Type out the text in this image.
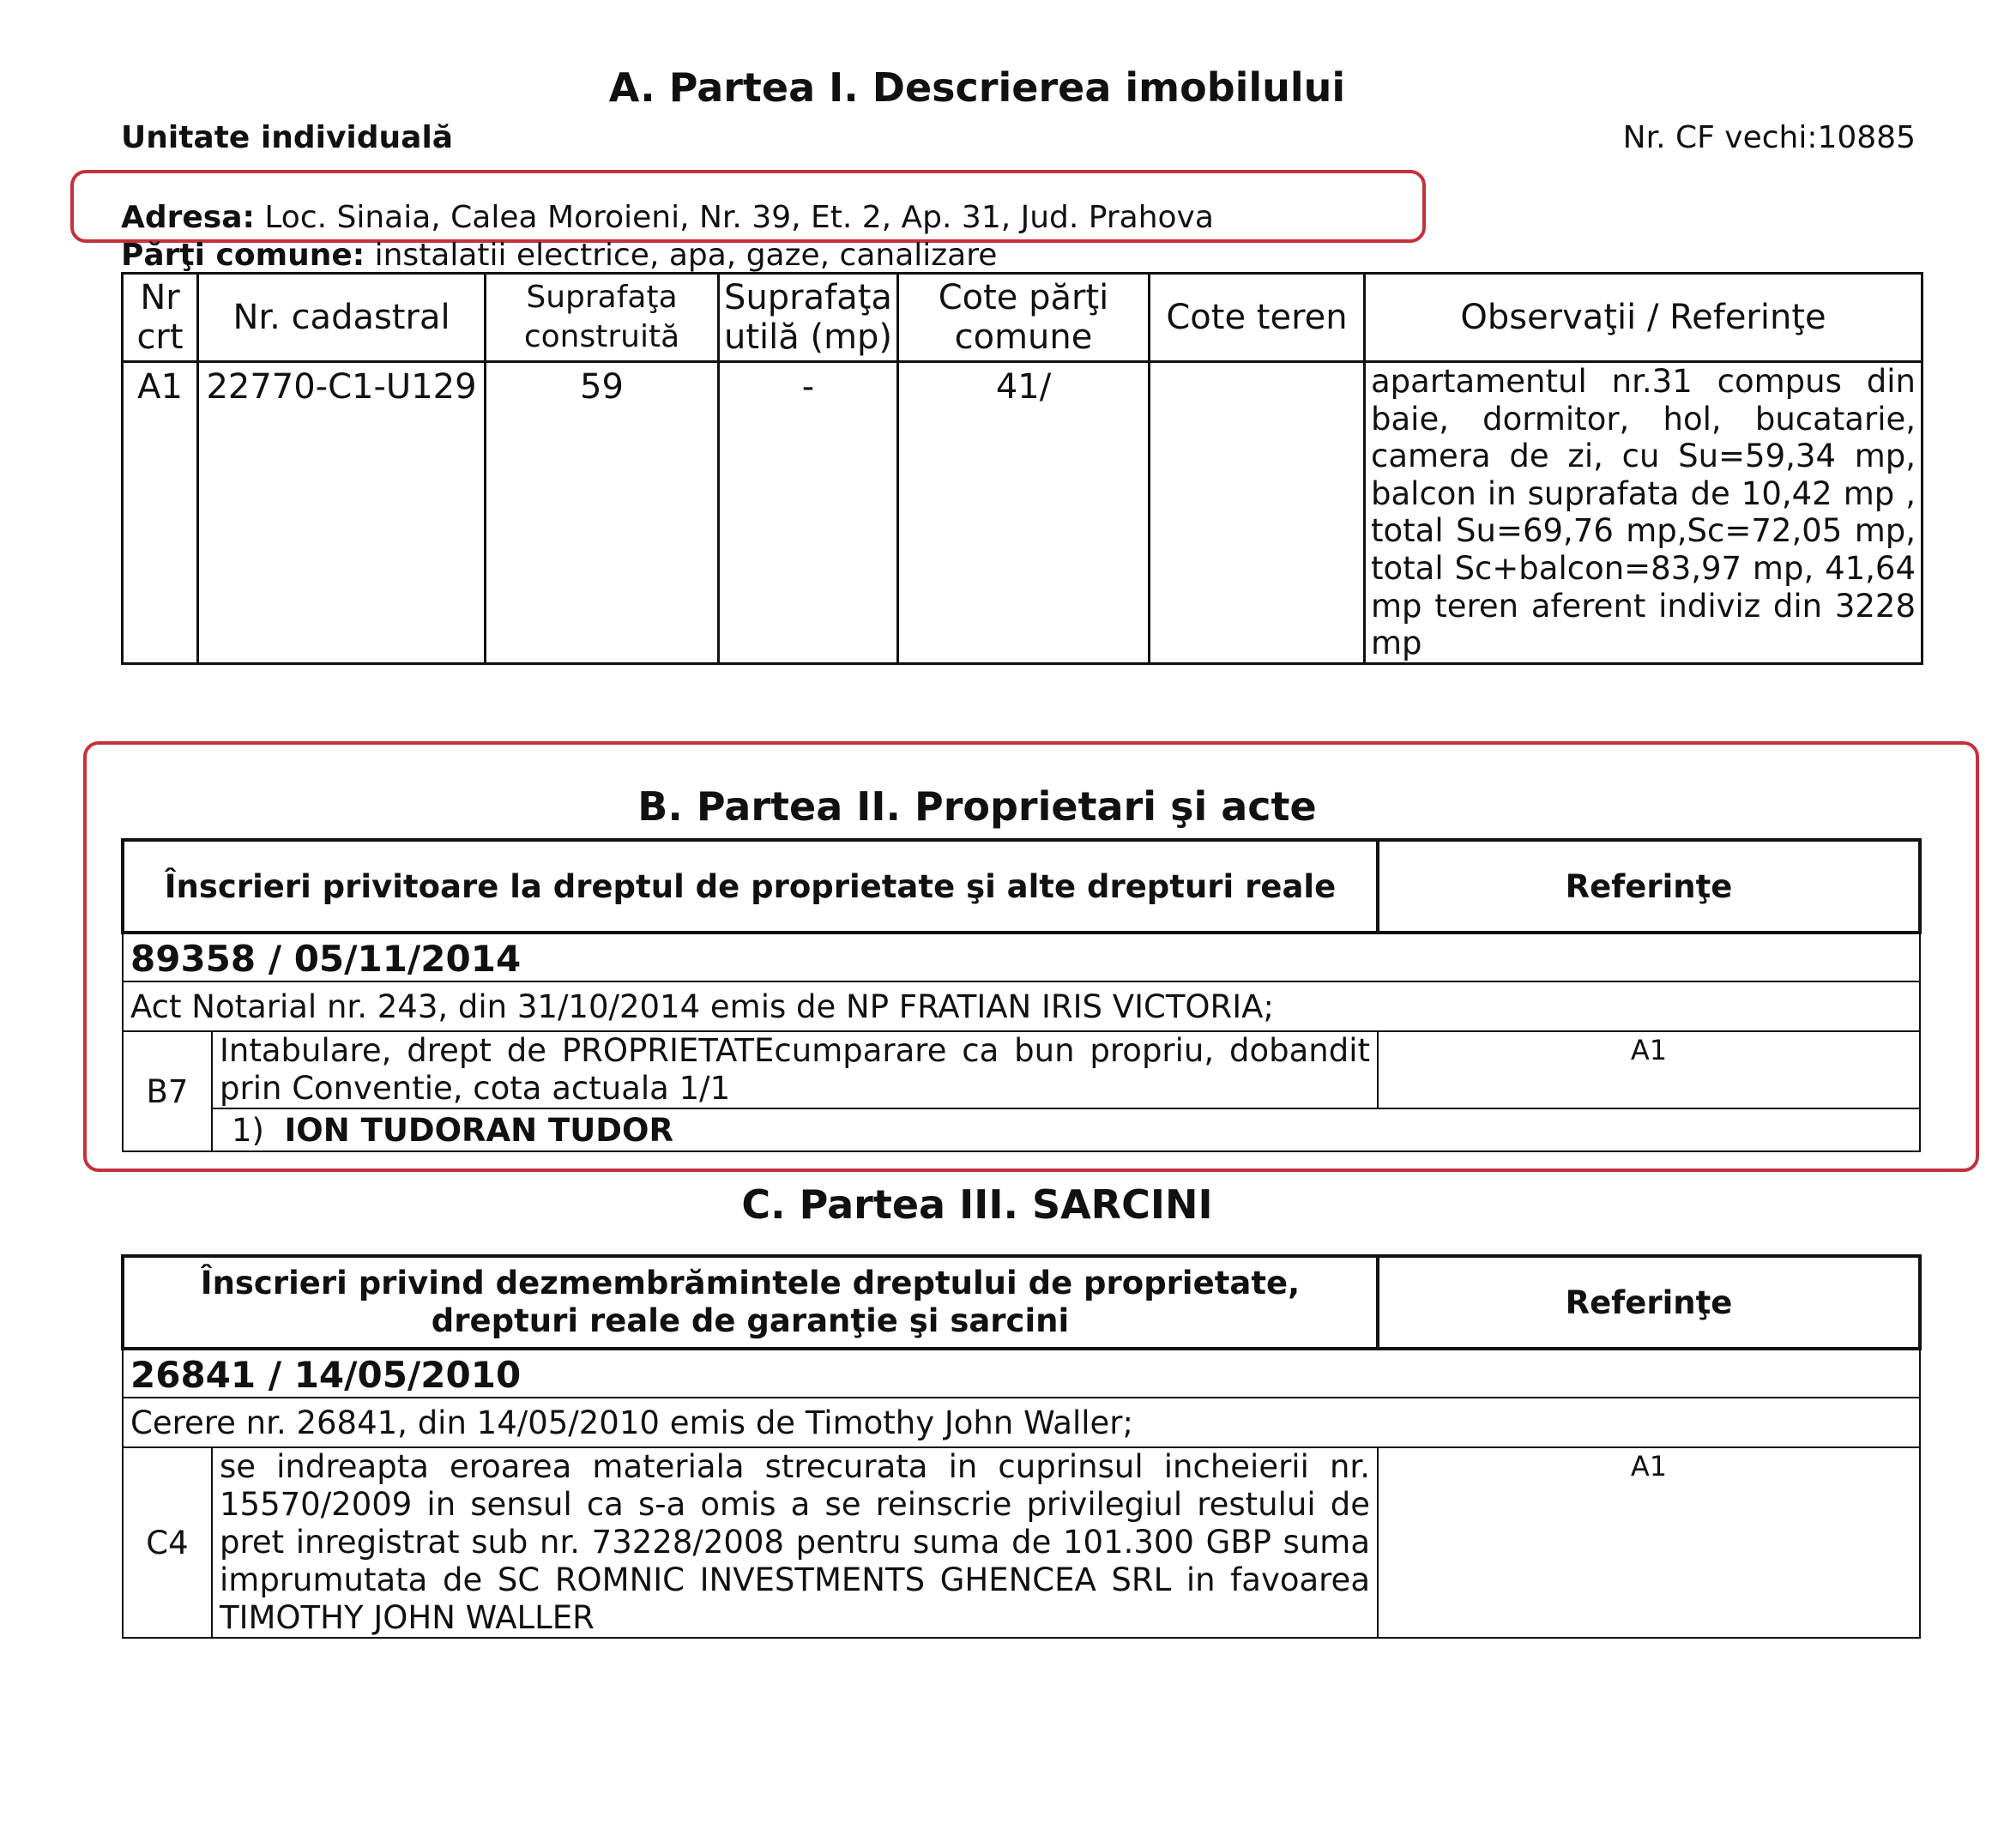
A. Partea I. Descrierea imobilului
Unitate individuală	Nr. CF vechi:10885
Adresa: Loc. Sinaia, Calea Moroieni, Nr. 39, Et. 2, Ap. 31, Jud. Prahova
Părţi comune: instalatii electrice, apa, gaze, canalizare
Nr crt	Nr. cadastral	Suprafaţa construită	Suprafaţa utilă (mp)	Cote părţi comune	Cote teren	Observaţii / Referinţe
A1	22770-C1-U129	59	-	41/		apartamentul nr.31 compus din baie, dormitor, hol, bucatarie, camera de zi, cu Su=59,34 mp, balcon in suprafata de 10,42 mp , total Su=69,76 mp,Sc=72,05 mp, total Sc+balcon=83,97 mp, 41,64 mp teren aferent indiviz din 3228 mp
B. Partea II. Proprietari şi acte
Înscrieri privitoare la dreptul de proprietate şi alte drepturi reale		Referinţe
89358 / 05/11/2014		
Act Notarial nr. 243, din 31/10/2014 emis de NP FRATIAN IRIS VICTORIA;		
B7	Intabulare, drept de PROPRIETATEcumparare ca bun propriu, dobandit prin Conventie, cota actuala 1/1	A1
	1) ION TUDORAN TUDOR	
C. Partea III. SARCINI
Înscrieri privind dezmembrămintele dreptului de proprietate, drepturi reale de garanţie şi sarcini		Referinţe
26841 / 14/05/2010		
Cerere nr. 26841, din 14/05/2010 emis de Timothy John Waller;		
C4	se indreapta eroarea materiala strecurata in cuprinsul incheierii nr. 15570/2009 in sensul ca s-a omis a se reinscrie privilegiul restului de pret inregistrat sub nr. 73228/2008 pentru suma de 101.300 GBP suma imprumutata de SC ROMNIC INVESTMENTS GHENCEA SRL in favoarea TIMOTHY JOHN WALLER	A1
